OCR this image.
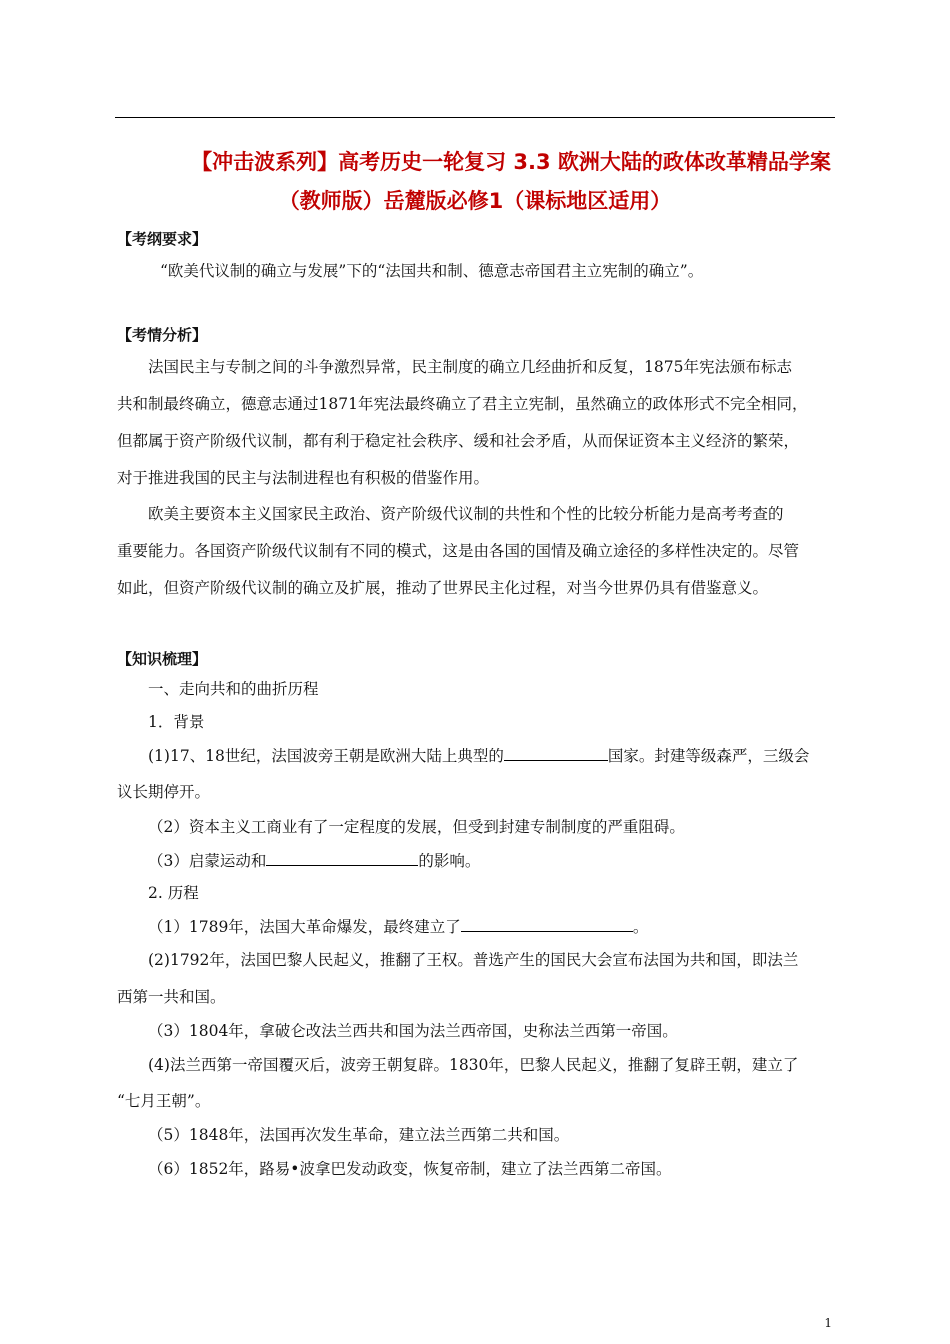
【冲击波系列】高考历史一轮复习 3.3 欧洲大陆的政体改革精品学案
（教师版）岳麓版必修1（课标地区适用）
【考纲要求】
“欧美代议制的确立与发展”下的“法国共和制、德意志帝国君主立宪制的确立”。
【考情分析】
法国民主与专制之间的斗争激烈异常，民主制度的确立几经曲折和反复，1875年宪法颁布标志
共和制最终确立，德意志通过1871年宪法最终确立了君主立宪制，虽然确立的政体形式不完全相同，
但都属于资产阶级代议制，都有利于稳定社会秩序、缓和社会矛盾，从而保证资本主义经济的繁荣，
对于推进我国的民主与法制进程也有积极的借鉴作用。
欧美主要资本主义国家民主政治、资产阶级代议制的共性和个性的比较分析能力是高考考查的
重要能力。各国资产阶级代议制有不同的模式，这是由各国的国情及确立途径的多样性决定的。尽管
如此，但资产阶级代议制的确立及扩展，推动了世界民主化过程，对当今世界仍具有借鉴意义。
【知识梳理】
一、走向共和的曲折历程
1．背景
(1)17、18世纪，法国波旁王朝是欧洲大陆上典型的	国家。封建等级森严，三级会
议长期停开。
（2）资本主义工商业有了一定程度的发展，但受到封建专制制度的严重阻碍。
（3）启蒙运动和	的影响。
2. 历程
（1）1789年，法国大革命爆发，最终建立了	。
(2)1792年，法国巴黎人民起义，推翻了王权。普选产生的国民大会宣布法国为共和国，即法兰
西第一共和国。
（3）1804年，拿破仑改法兰西共和国为法兰西帝国，史称法兰西第一帝国。
(4)法兰西第一帝国覆灭后，波旁王朝复辟。1830年，巴黎人民起义，推翻了复辟王朝，建立了
“七月王朝”。
（5）1848年，法国再次发生革命，建立法兰西第二共和国。
（6）1852年，路易•波拿巴发动政变，恢复帝制，建立了法兰西第二帝国。
1
